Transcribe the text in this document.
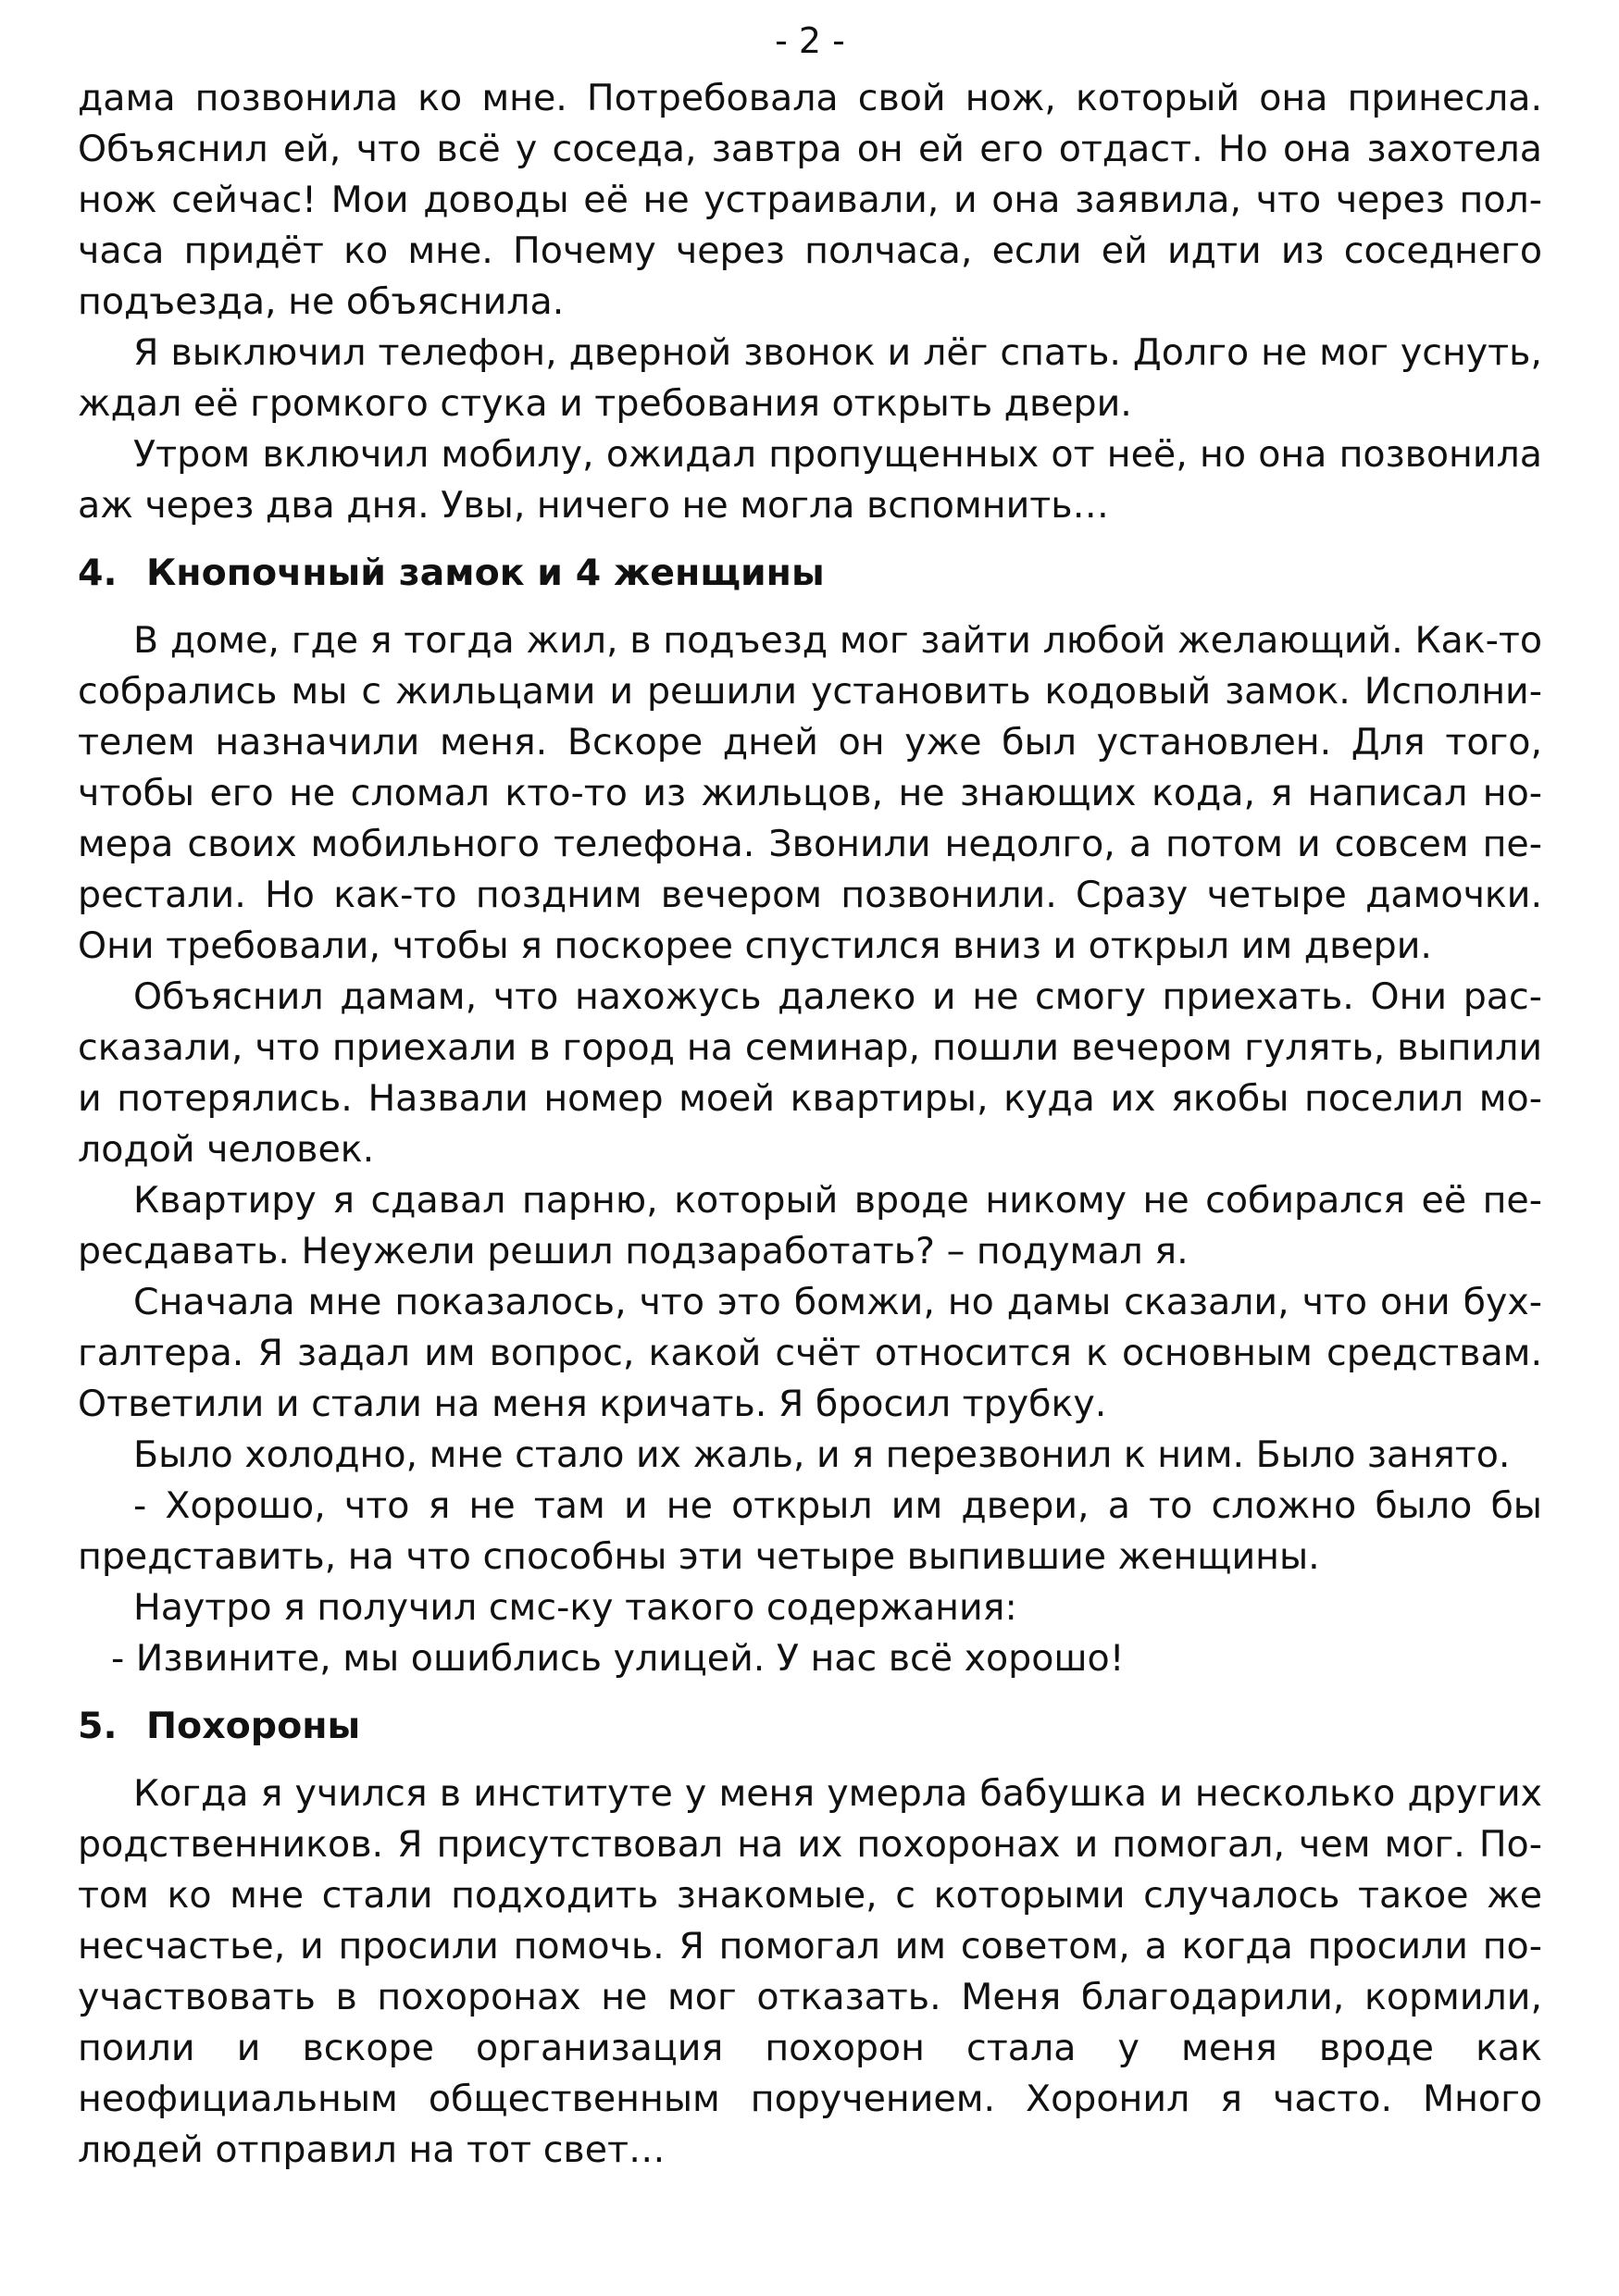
- 2 -

дама позвонила ко мне. Потребовала свой нож, который она принесла. Объяснил ей, что всё у соседа, завтра он ей его отдаст. Но она захотела нож сейчас! Мои доводы её не устраивали, и она заявила, что через полчаса придёт ко мне. Почему через полчаса, если ей идти из соседнего подъезда, не объяснила.

Я выключил телефон, дверной звонок и лёг спать. Долго не мог уснуть, ждал её громкого стука и требования открыть двери.

Утром включил мобилу, ожидал пропущенных от неё, но она позвонила аж через два дня. Увы, ничего не могла вспомнить…

4. Кнопочный замок и 4 женщины

В доме, где я тогда жил, в подъезд мог зайти любой желающий. Как-то собрались мы с жильцами и решили установить кодовый замок. Исполнителем назначили меня. Вскоре дней он уже был установлен. Для того, чтобы его не сломал кто-то из жильцов, не знающих кода, я написал номера своих мобильного телефона. Звонили недолго, а потом и совсем перестали. Но как-то поздним вечером позвонили. Сразу четыре дамочки. Они требовали, чтобы я поскорее спустился вниз и открыл им двери.

Объяснил дамам, что нахожусь далеко и не смогу приехать. Они рассказали, что приехали в город на семинар, пошли вечером гулять, выпили и потерялись. Назвали номер моей квартиры, куда их якобы поселил молодой человек.

Квартиру я сдавал парню, который вроде никому не собирался её пересдавать. Неужели решил подзаработать? – подумал я.

Сначала мне показалось, что это бомжи, но дамы сказали, что они бухгалтера. Я задал им вопрос, какой счёт относится к основным средствам. Ответили и стали на меня кричать. Я бросил трубку.

Было холодно, мне стало их жаль, и я перезвонил к ним. Было занято.

- Хорошо, что я не там и не открыл им двери, а то сложно было бы представить, на что способны эти четыре выпившие женщины.

Наутро я получил смс-ку такого содержания:

- Извините, мы ошиблись улицей. У нас всё хорошо!

5. Похороны

Когда я учился в институте у меня умерла бабушка и несколько других родственников. Я присутствовал на их похоронах и помогал, чем мог. Потом ко мне стали подходить знакомые, с которыми случалось такое же несчастье, и просили помочь. Я помогал им советом, а когда просили поучаствовать в похоронах не мог отказать. Меня благодарили, кормили, поили и вскоре организация похорон стала у меня вроде как неофициальным общественным поручением. Хоронил я часто. Много людей отправил на тот свет…
